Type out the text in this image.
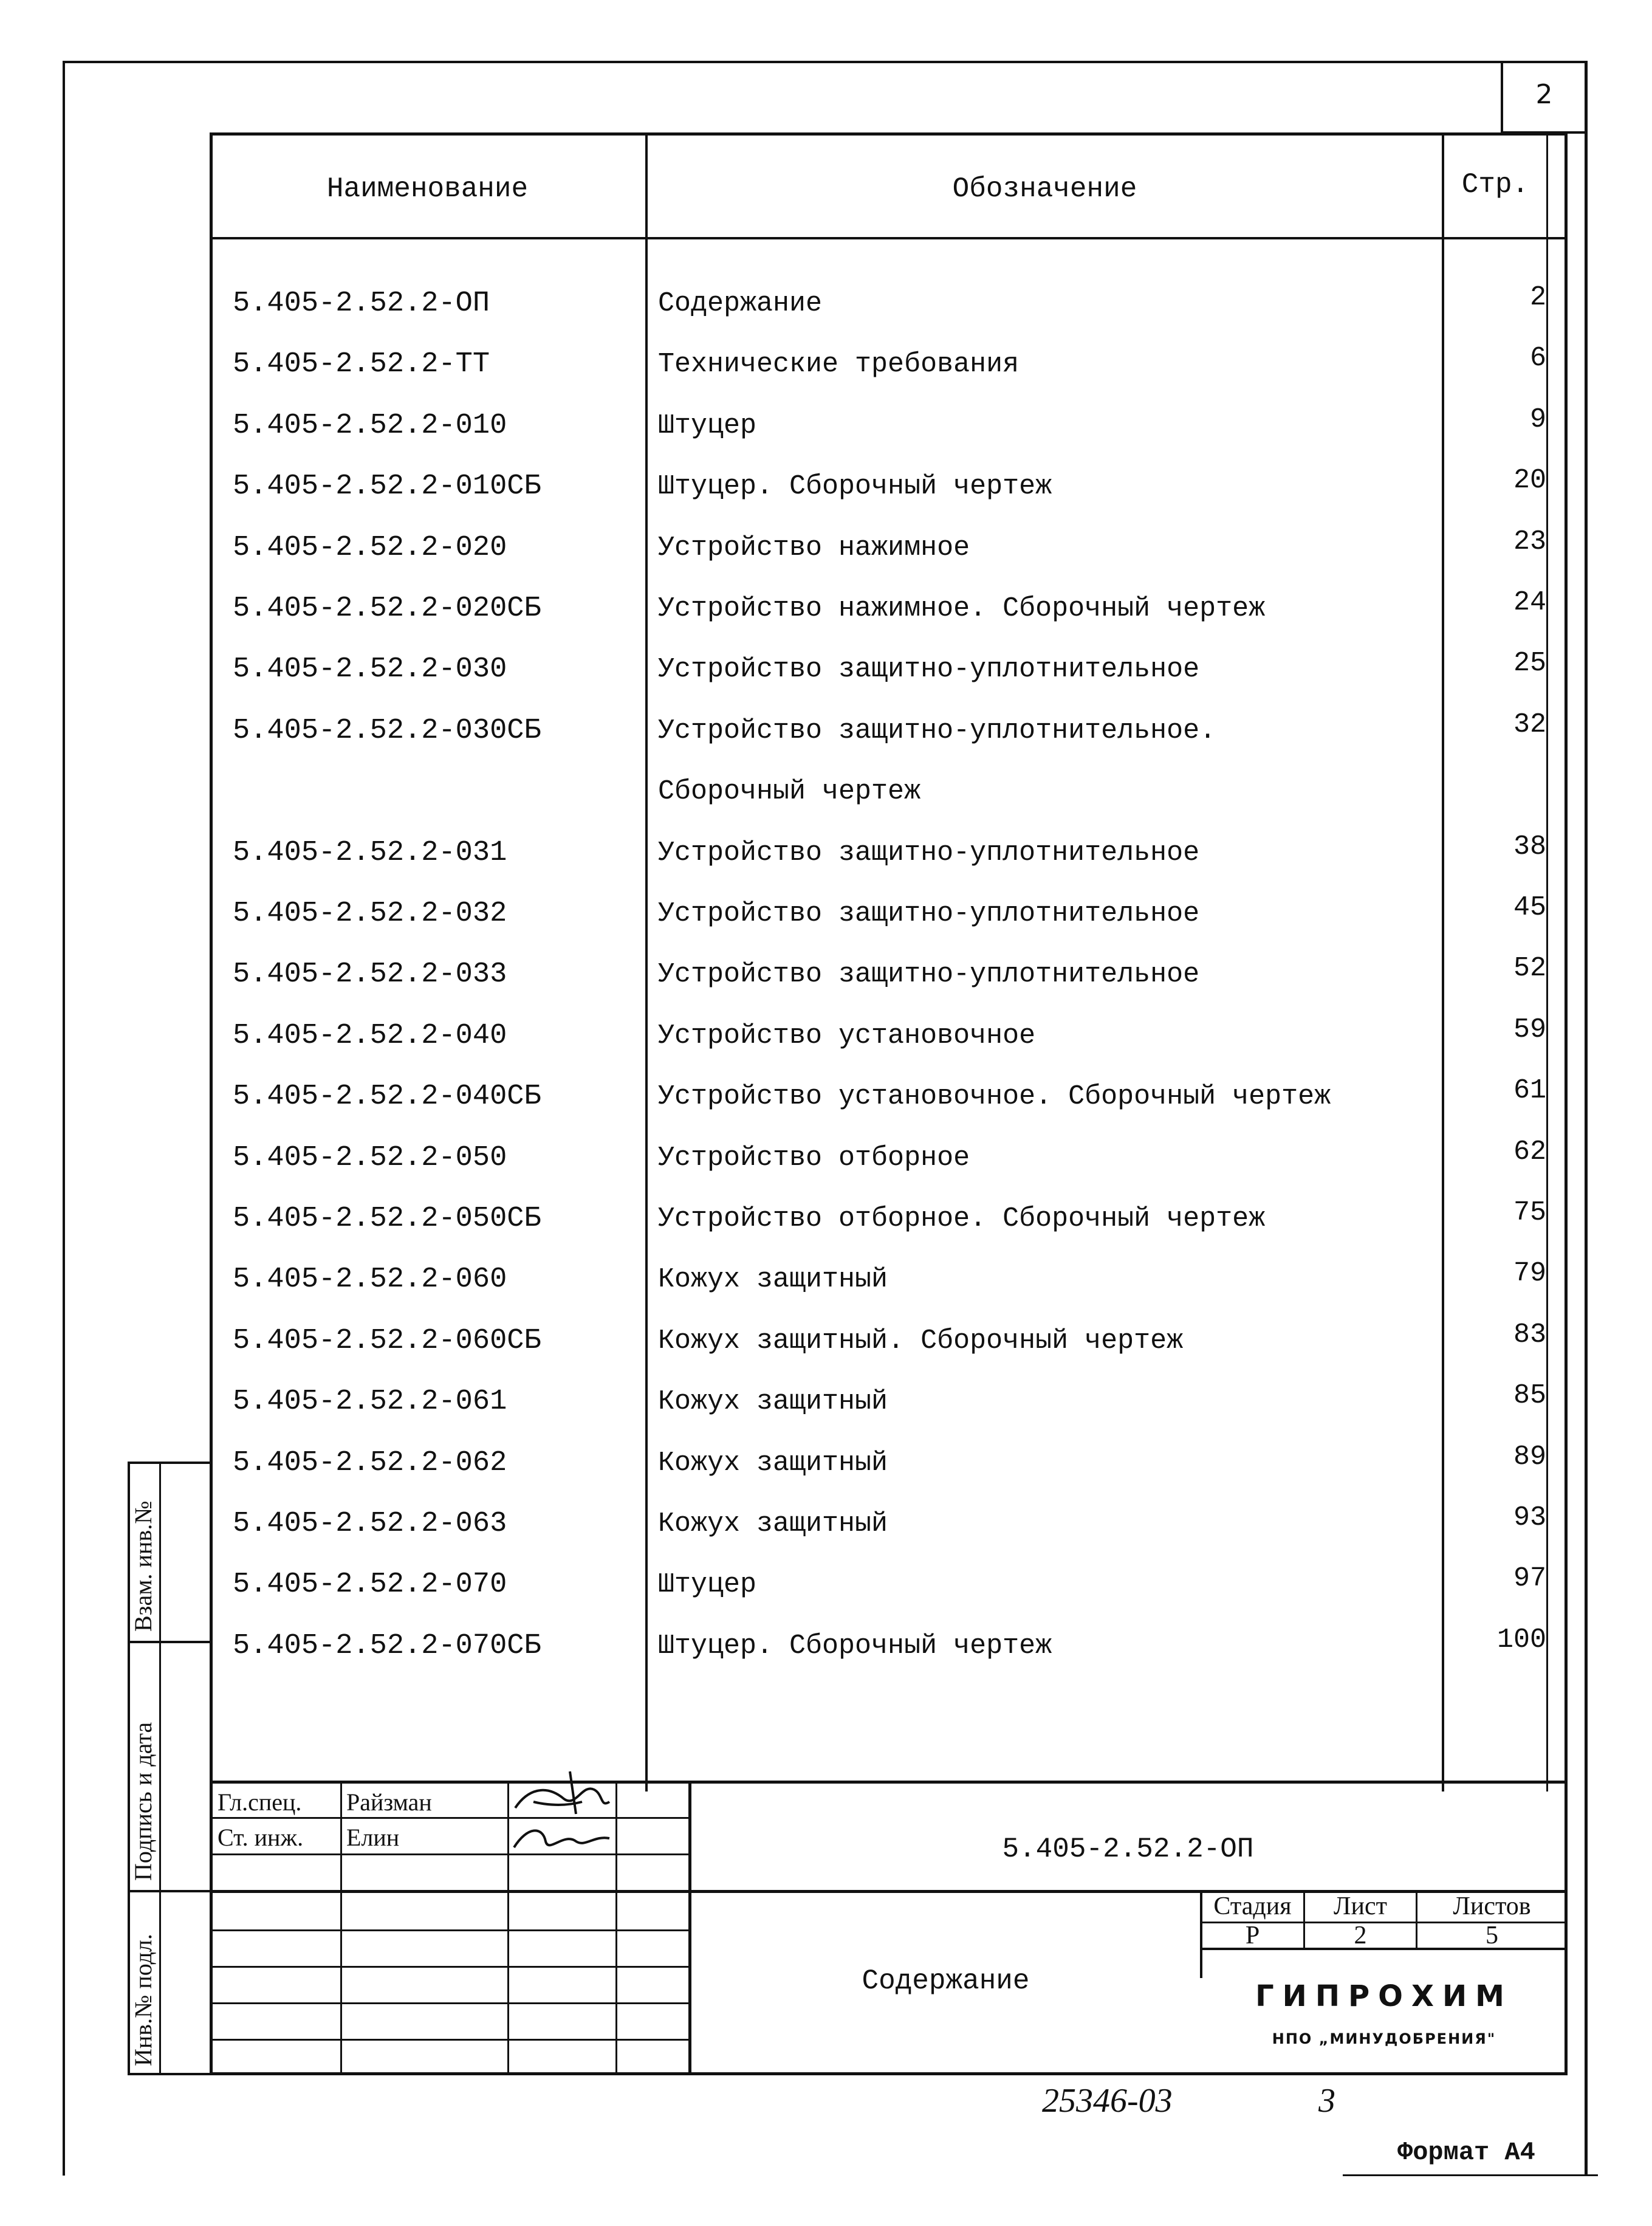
2
Наименование	Обозначение	Стр.
5.405-2.52.2-ОП	Содержание	2
5.405-2.52.2-ТТ	Технические требования	6
5.405-2.52.2-010	Штуцер	9
5.405-2.52.2-010СБ	Штуцер. Сборочный чертеж	20
5.405-2.52.2-020	Устройство нажимное	23
5.405-2.52.2-020СБ	Устройство нажимное. Сборочный чертеж	24
5.405-2.52.2-030	Устройство защитно-уплотнительное	25
5.405-2.52.2-030СБ	Устройство защитно-уплотнительное.	32
Сборочный чертеж
5.405-2.52.2-031	Устройство защитно-уплотнительное	38
5.405-2.52.2-032	Устройство защитно-уплотнительное	45
5.405-2.52.2-033	Устройство защитно-уплотнительное	52
5.405-2.52.2-040	Устройство установочное	59
5.405-2.52.2-040СБ	Устройство установочное. Сборочный чертеж	61
5.405-2.52.2-050	Устройство отборное	62
5.405-2.52.2-050СБ	Устройство отборное. Сборочный чертеж	75
5.405-2.52.2-060	Кожух защитный	79
5.405-2.52.2-060СБ	Кожух защитный. Сборочный чертеж	83
5.405-2.52.2-061	Кожух защитный	85
5.405-2.52.2-062	Кожух защитный	89
5.405-2.52.2-063	Кожух защитный	93
5.405-2.52.2-070	Штуцер	97
5.405-2.52.2-070СБ	Штуцер. Сборочный чертеж	100
Взам. инв.№
Подпись и дата
Инв.№ подл.
Гл.спец. Райзман
Ст. инж. Елин	5.405-2.52.2-ОП
Содержание
Стадия	Лист	Листов
Р	2	5
ГИПРОХИМ
НПО „МИНУДОБРЕНИЯ"
25346-03	3
Формат А4
